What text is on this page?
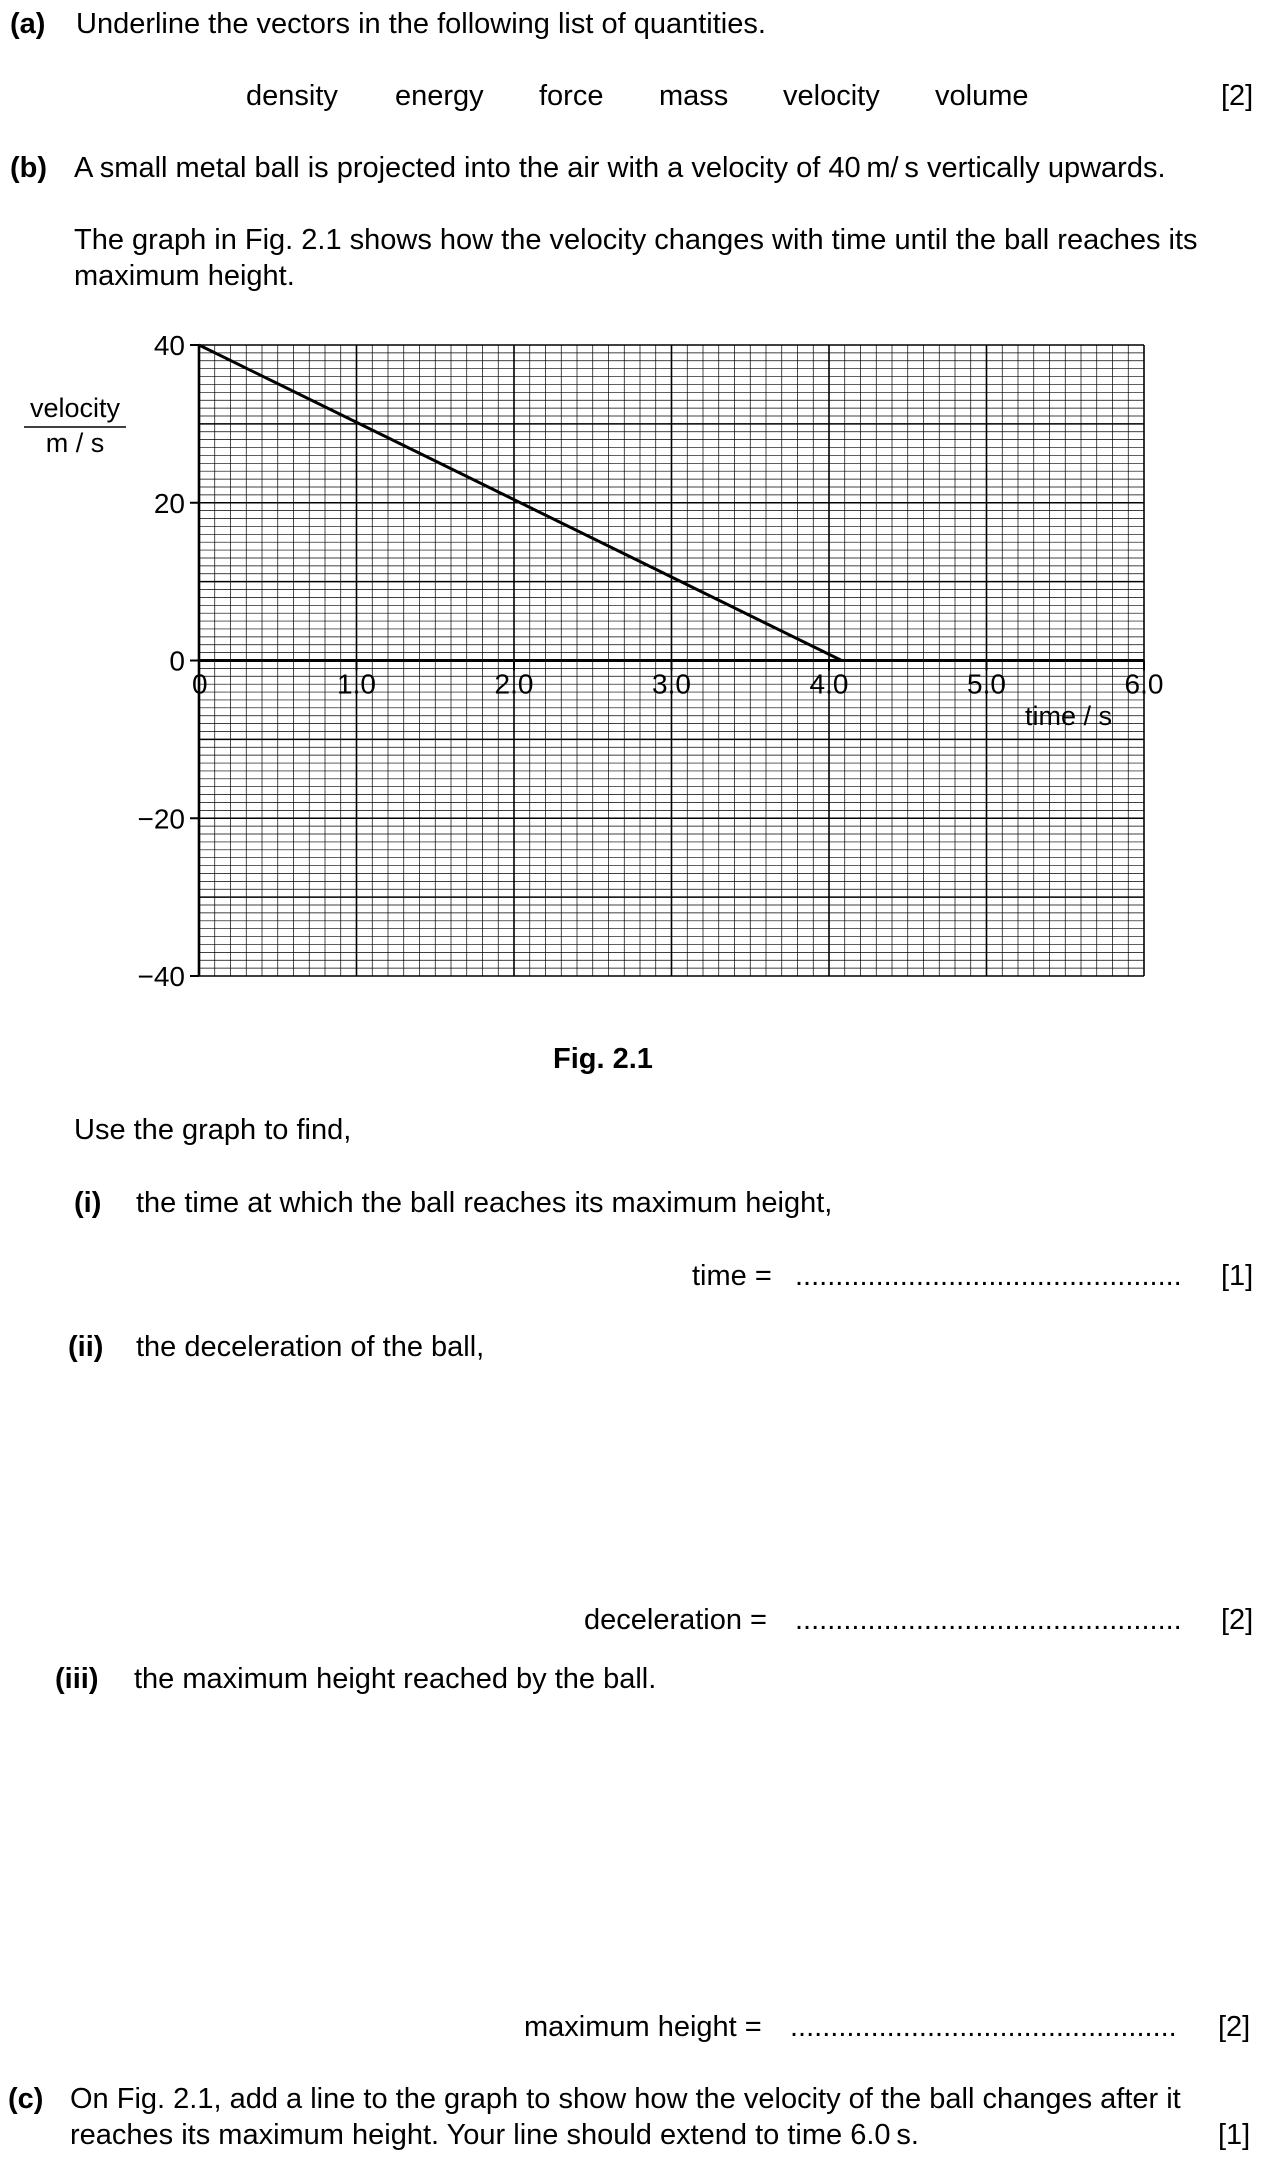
(a) Underline the vectors in the following list of quantities.
density energy force mass velocity volume	[2]
(b) A small metal ball is projected into the air with a velocity of 40 m/ s vertically upwards.
The graph in Fig. 2.1 shows how the velocity changes with time until the ball reaches its
maximum height.
40
20
0
−20
−40
0	1.0	2.0	3.0	4.0	5.0	6.0
velocity
m / s
time / s
Fig. 2.1
Use the graph to find,
(i) the time at which the ball reaches its maximum height,
time = ................................................ [1]
(ii) the deceleration of the ball,
deceleration = ................................................ [2]
(iii) the maximum height reached by the ball.
maximum height = ................................................ [2]
(c) On Fig. 2.1, add a line to the graph to show how the velocity of the ball changes after it
reaches its maximum height. Your line should extend to time 6.0 s.	[1]
